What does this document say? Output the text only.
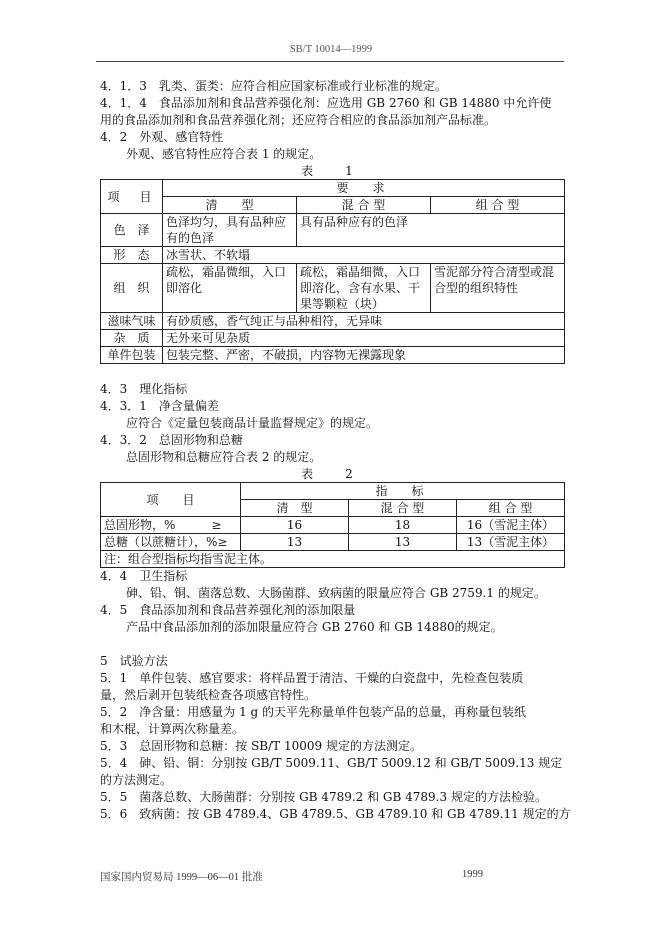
SB/T 10014—1999

4．1．3　乳类、蛋类：应符合相应国家标准或行业标准的规定。

4．1．4　食品添加剂和食品营养强化剂：应选用 GB 2760 和 GB 14880 中允许使

用的食品添加剂和食品营养强化剂；还应符合相应的食品添加剂产品标准。

4．2　外观、感官特性

外观、感官特性应符合表 1 的规定。

表　1

项　目	要　求		
	清　　型	混 合 型	组 合 型
色　泽	色泽均匀，具有品种应有的色泽	具有品种应有的色泽	
形　态	冰雪状、不软塌		
组　织	疏松，霜晶微细，入口即溶化	疏松，霜晶细微，入口即溶化，含有水果、干果等颗粒（块）	雪泥部分符合清型或混合型的组织特性
滋味气味	有砂质感，香气纯正与品种相符，无异味		
杂　质	无外来可见杂质		
单件包装	包装完整、严密，不破损，内容物无裸露现象		

4．3　理化指标

4．3．1　净含量偏差

应符合《定量包装商品计量监督规定》的规定。

4．3．2　总固形物和总糖

总固形物和总糖应符合表 2 的规定。

表　2

项　　目	指　标		
	清　型	混 合 型	组 合 型
总固形物，%　　　≥	16	18	16（雪泥主体）
总糖（以蔗糖计），%≥	13	13	13（雪泥主体）
注：组合型指标均指雪泥主体。			

4．4　卫生指标

砷、铅、铜、菌落总数、大肠菌群、致病菌的限量应符合 GB 2759.1 的规定。

4．5　食品添加剂和食品营养强化剂的添加限量

产品中食品添加剂的添加限量应符合 GB 2760 和 GB 14880的规定。

5　试验方法

5．1　单件包装、感官要求：将样品置于清洁、干燥的白瓷盘中，先检查包装质

量，然后剥开包装纸检查各项感官特性。

5．2　净含量：用感量为 1 g 的天平先称量单件包装产品的总量，再称量包装纸

和木棍，计算两次称量差。

5．3　总固形物和总糖：按 SB/T 10009 规定的方法测定。

5．4　砷、铅、铜：分别按 GB/T 5009.11、GB/T 5009.12 和 GB/T 5009.13 规定

的方法测定。

5．5　菌落总数、大肠菌群：分别按 GB 4789.2 和 GB 4789.3 规定的方法检验。

5．6　致病菌：按 GB 4789.4、GB 4789.5、GB 4789.10 和 GB 4789.11 规定的方

国家国内贸易局 1999—06—01 批准	1999
